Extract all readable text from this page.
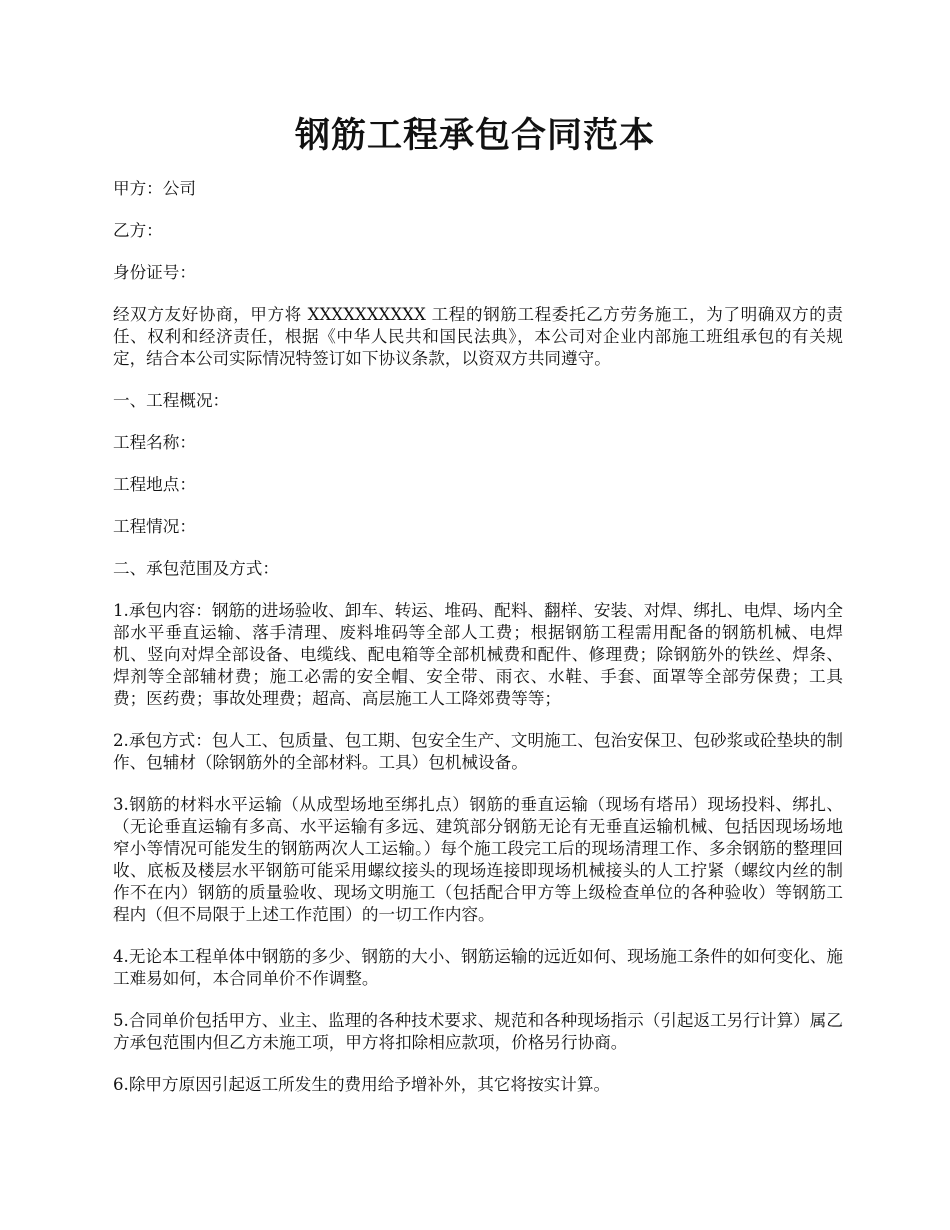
钢筋工程承包合同范本

甲方：公司

乙方：

身份证号：

经双方友好协商，甲方将 XXXXXXXXXX 工程的钢筋工程委托乙方劳务施工，为了明确双方的责任、权利和经济责任，根据《中华人民共和国民法典》，本公司对企业内部施工班组承包的有关规定，结合本公司实际情况特签订如下协议条款，以资双方共同遵守。

一、工程概况：

工程名称：

工程地点：

工程情况：

二、承包范围及方式：

1.承包内容：钢筋的进场验收、卸车、转运、堆码、配料、翻样、安装、对焊、绑扎、电焊、场内全部水平垂直运输、落手清理、废料堆码等全部人工费；根据钢筋工程需用配备的钢筋机械、电焊机、竖向对焊全部设备、电缆线、配电箱等全部机械费和配件、修理费；除钢筋外的铁丝、焊条、焊剂等全部辅材费；施工必需的安全帽、安全带、雨衣、水鞋、手套、面罩等全部劳保费；工具费；医药费；事故处理费；超高、高层施工人工降郊费等等；

2.承包方式：包人工、包质量、包工期、包安全生产、文明施工、包治安保卫、包砂浆或砼垫块的制作、包辅材（除钢筋外的全部材料。工具）包机械设备。

3.钢筋的材料水平运输（从成型场地至绑扎点）钢筋的垂直运输（现场有塔吊）现场投料、绑扎、（无论垂直运输有多高、水平运输有多远、建筑部分钢筋无论有无垂直运输机械、包括因现场场地窄小等情况可能发生的钢筋两次人工运输。）每个施工段完工后的现场清理工作、多余钢筋的整理回收、底板及楼层水平钢筋可能采用螺纹接头的现场连接即现场机械接头的人工拧紧（螺纹内丝的制作不在内）钢筋的质量验收、现场文明施工（包括配合甲方等上级检查单位的各种验收）等钢筋工程内（但不局限于上述工作范围）的一切工作内容。

4.无论本工程单体中钢筋的多少、钢筋的大小、钢筋运输的远近如何、现场施工条件的如何变化、施工难易如何，本合同单价不作调整。

5.合同单价包括甲方、业主、监理的各种技术要求、规范和各种现场指示（引起返工另行计算）属乙方承包范围内但乙方未施工项，甲方将扣除相应款项，价格另行协商。

6.除甲方原因引起返工所发生的费用给予增补外，其它将按实计算。
